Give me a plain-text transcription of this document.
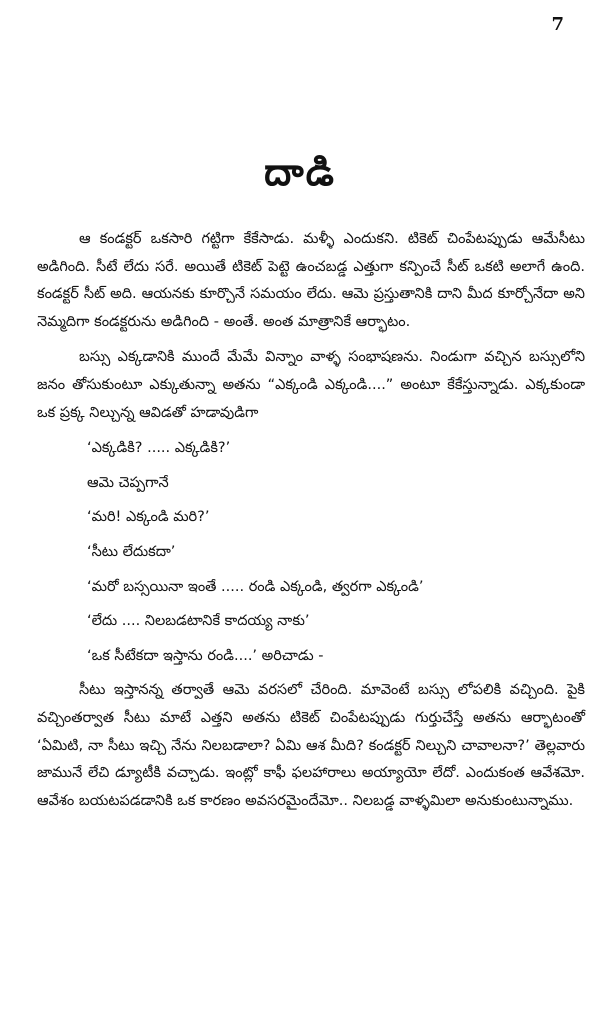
7
దాడి

ఆ కండక్టర్ ఒకసారి గట్టిగా కేకేసాడు. మళ్ళీ ఎందుకని. టికెట్ చింపేటప్పుడు ఆమేసీటు అడిగింది. సీటే లేదు సరే. అయితే టికెట్ పెట్టె ఉంచబడ్డ ఎత్తుగా కన్పించే సీట్ ఒకటి అలాగే ఉంది. కండక్టర్ సీట్ అది. ఆయనకు కూర్చొనే సమయం లేదు. ఆమె ప్రస్తుతానికి దాని మీద కూర్చోనేదా అని నెమ్మదిగా కండక్టరును అడిగింది - అంతే. అంత మాత్రానికే ఆర్భాటం.

బస్సు ఎక్కడానికి ముందే మేమే విన్నాం వాళ్ళ సంభాషణను. నిండుగా వచ్చిన బస్సులోని జనం తోసుకుంటూ ఎక్కుతున్నా అతను “ఎక్కండి ఎక్కండి....” అంటూ కేకేస్తున్నాడు. ఎక్కకుండా ఒక ప్రక్క నిల్చున్న ఆవిడతో హడావుడిగా

‘ఎక్కడికి? ..... ఎక్కడికి?’

ఆమె చెప్పగానే

‘మరి! ఎక్కండి మరి?’

‘సీటు లేదుకదా’

‘మరో బస్సయినా ఇంతే ..... రండి ఎక్కండి, త్వరగా ఎక్కండి’

‘లేదు .... నిలబడటానికే కాదయ్య నాకు’

‘ఒక సీటేకదా ఇస్తాను రండి....’ అరిచాడు -

సీటు ఇస్తానన్న తర్వాతే ఆమె వరసలో చేరింది. మావెంటే బస్సు లోపలికి వచ్చింది. పైకి వచ్చింతర్వాత సీటు మాటే ఎత్తని అతను టికెట్ చింపేటప్పుడు గుర్తుచేస్తే అతను ఆర్భాటంతో ‘ఏమిటి, నా సీటు ఇచ్చి నేను నిలబడాలా? ఏమి ఆశ మీది? కండక్టర్ నిల్చుని చావాలనా?’ తెల్లవారు జామునే లేచి డ్యూటీకి వచ్చాడు. ఇంట్లో కాఫీ ఫలహారాలు అయ్యాయో లేదో. ఎందుకంత ఆవేశమో. ఆవేశం బయటపడడానికి ఒక కారణం అవసరమైందేమో.. నిలబడ్డ వాళ్ళమిలా అనుకుంటున్నాము.
